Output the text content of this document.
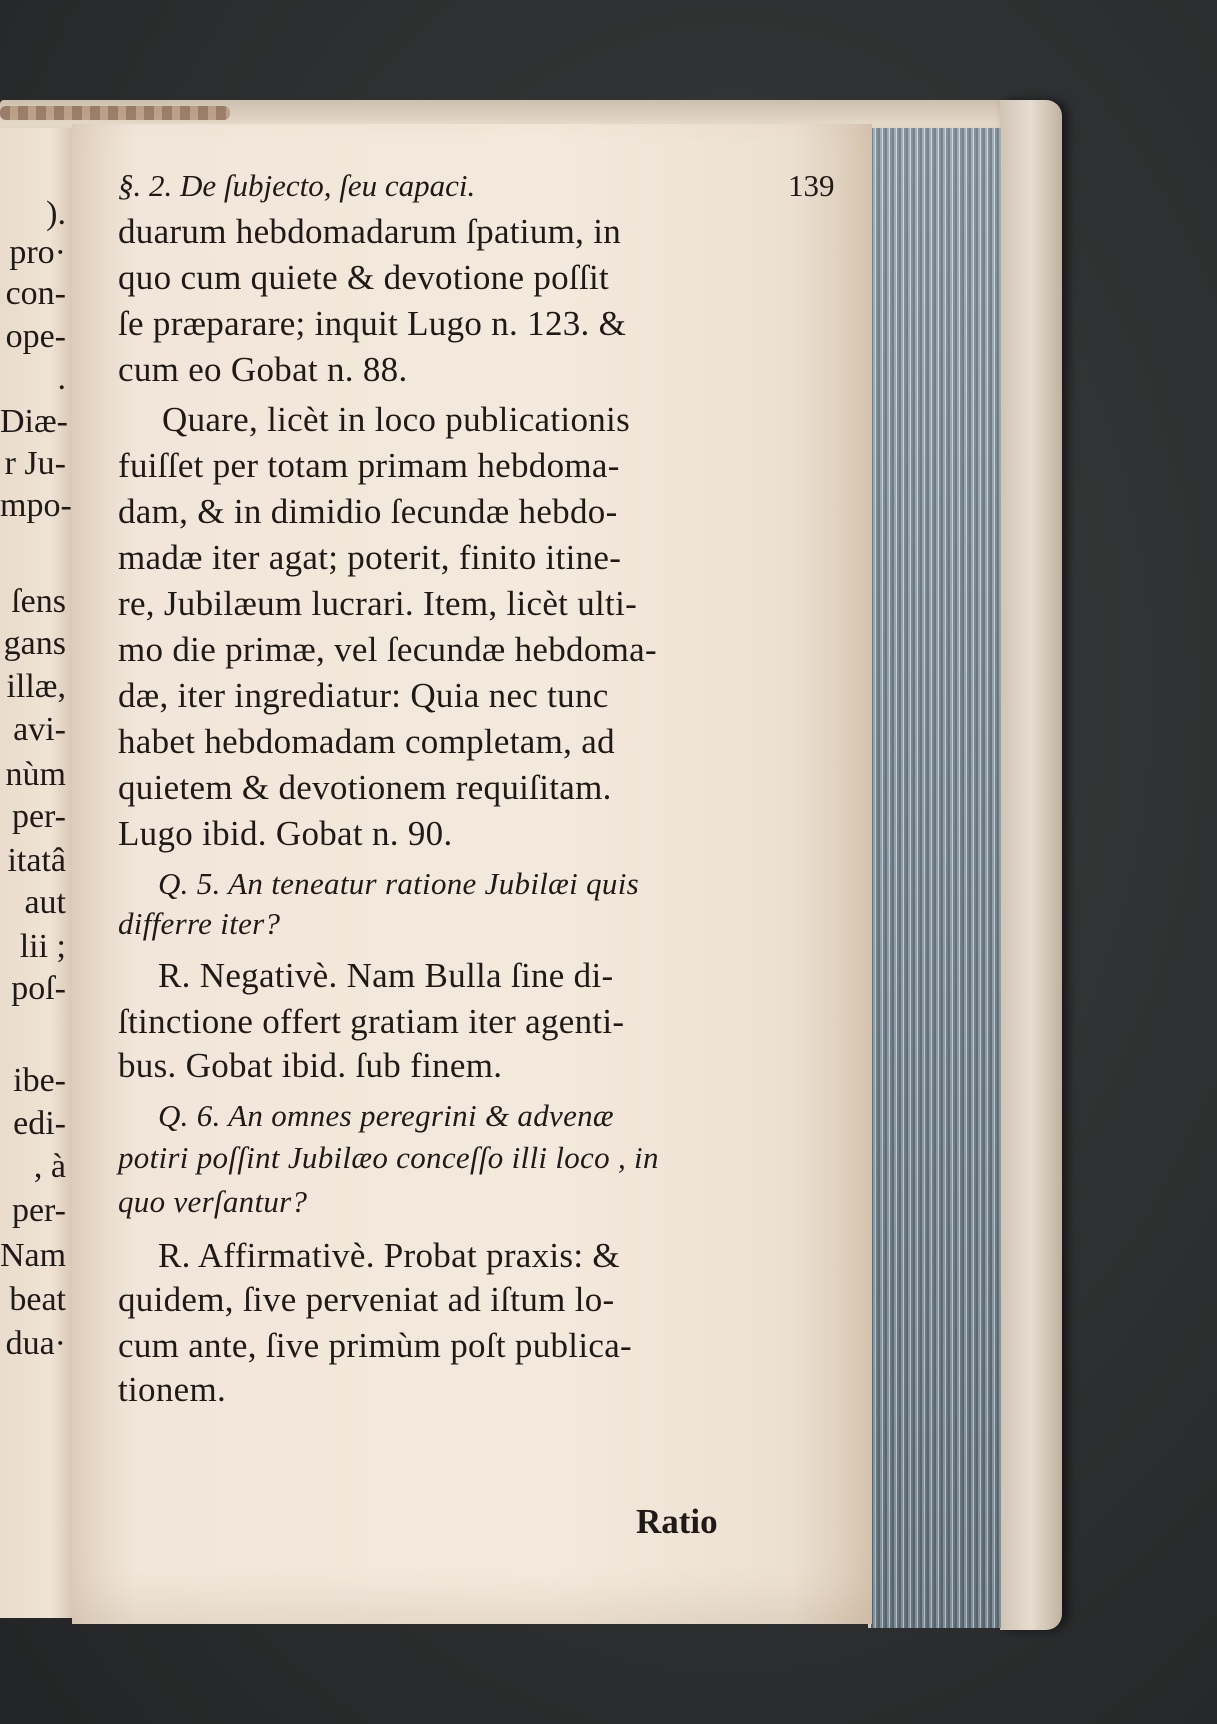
).
pro·
con-
ope-
.
Diæ-
r Ju-
mpo-
ſens
gans
illæ,
avi-
nùm
per-
itatâ
aut
lii ;
poſ-
ibe-
edi-
, à
per-
Nam
beat
dua·
§. 2. De ſubjecto, ſeu capaci.	139
duarum hebdomadarum ſpatium, in
quo cum quiete & devotione poſſit
ſe præparare; inquit Lugo n. 123. &
cum eo Gobat n. 88.
Quare, licèt in loco publicationis
fuiſſet per totam primam hebdoma-
dam, & in dimidio ſecundæ hebdo-
madæ iter agat; poterit, finito itine-
re, Jubilæum lucrari. Item, licèt ulti-
mo die primæ, vel ſecundæ hebdoma-
dæ, iter ingrediatur: Quia nec tunc
habet hebdomadam completam, ad
quietem & devotionem requiſitam.
Lugo ibid. Gobat n. 90.
Q. 5. An teneatur ratione Jubilæi quis
differre iter?
R. Negativè. Nam Bulla ſine di-
ſtinctione offert gratiam iter agenti-
bus. Gobat ibid. ſub finem.
Q. 6. An omnes peregrini & advenæ
potiri poſſint Jubilæo conceſſo illi loco , in
quo verſantur?
R. Affirmativè. Probat praxis: &
quidem, ſive perveniat ad iſtum lo-
cum ante, ſive primùm poſt publica-
tionem.
Ratio
